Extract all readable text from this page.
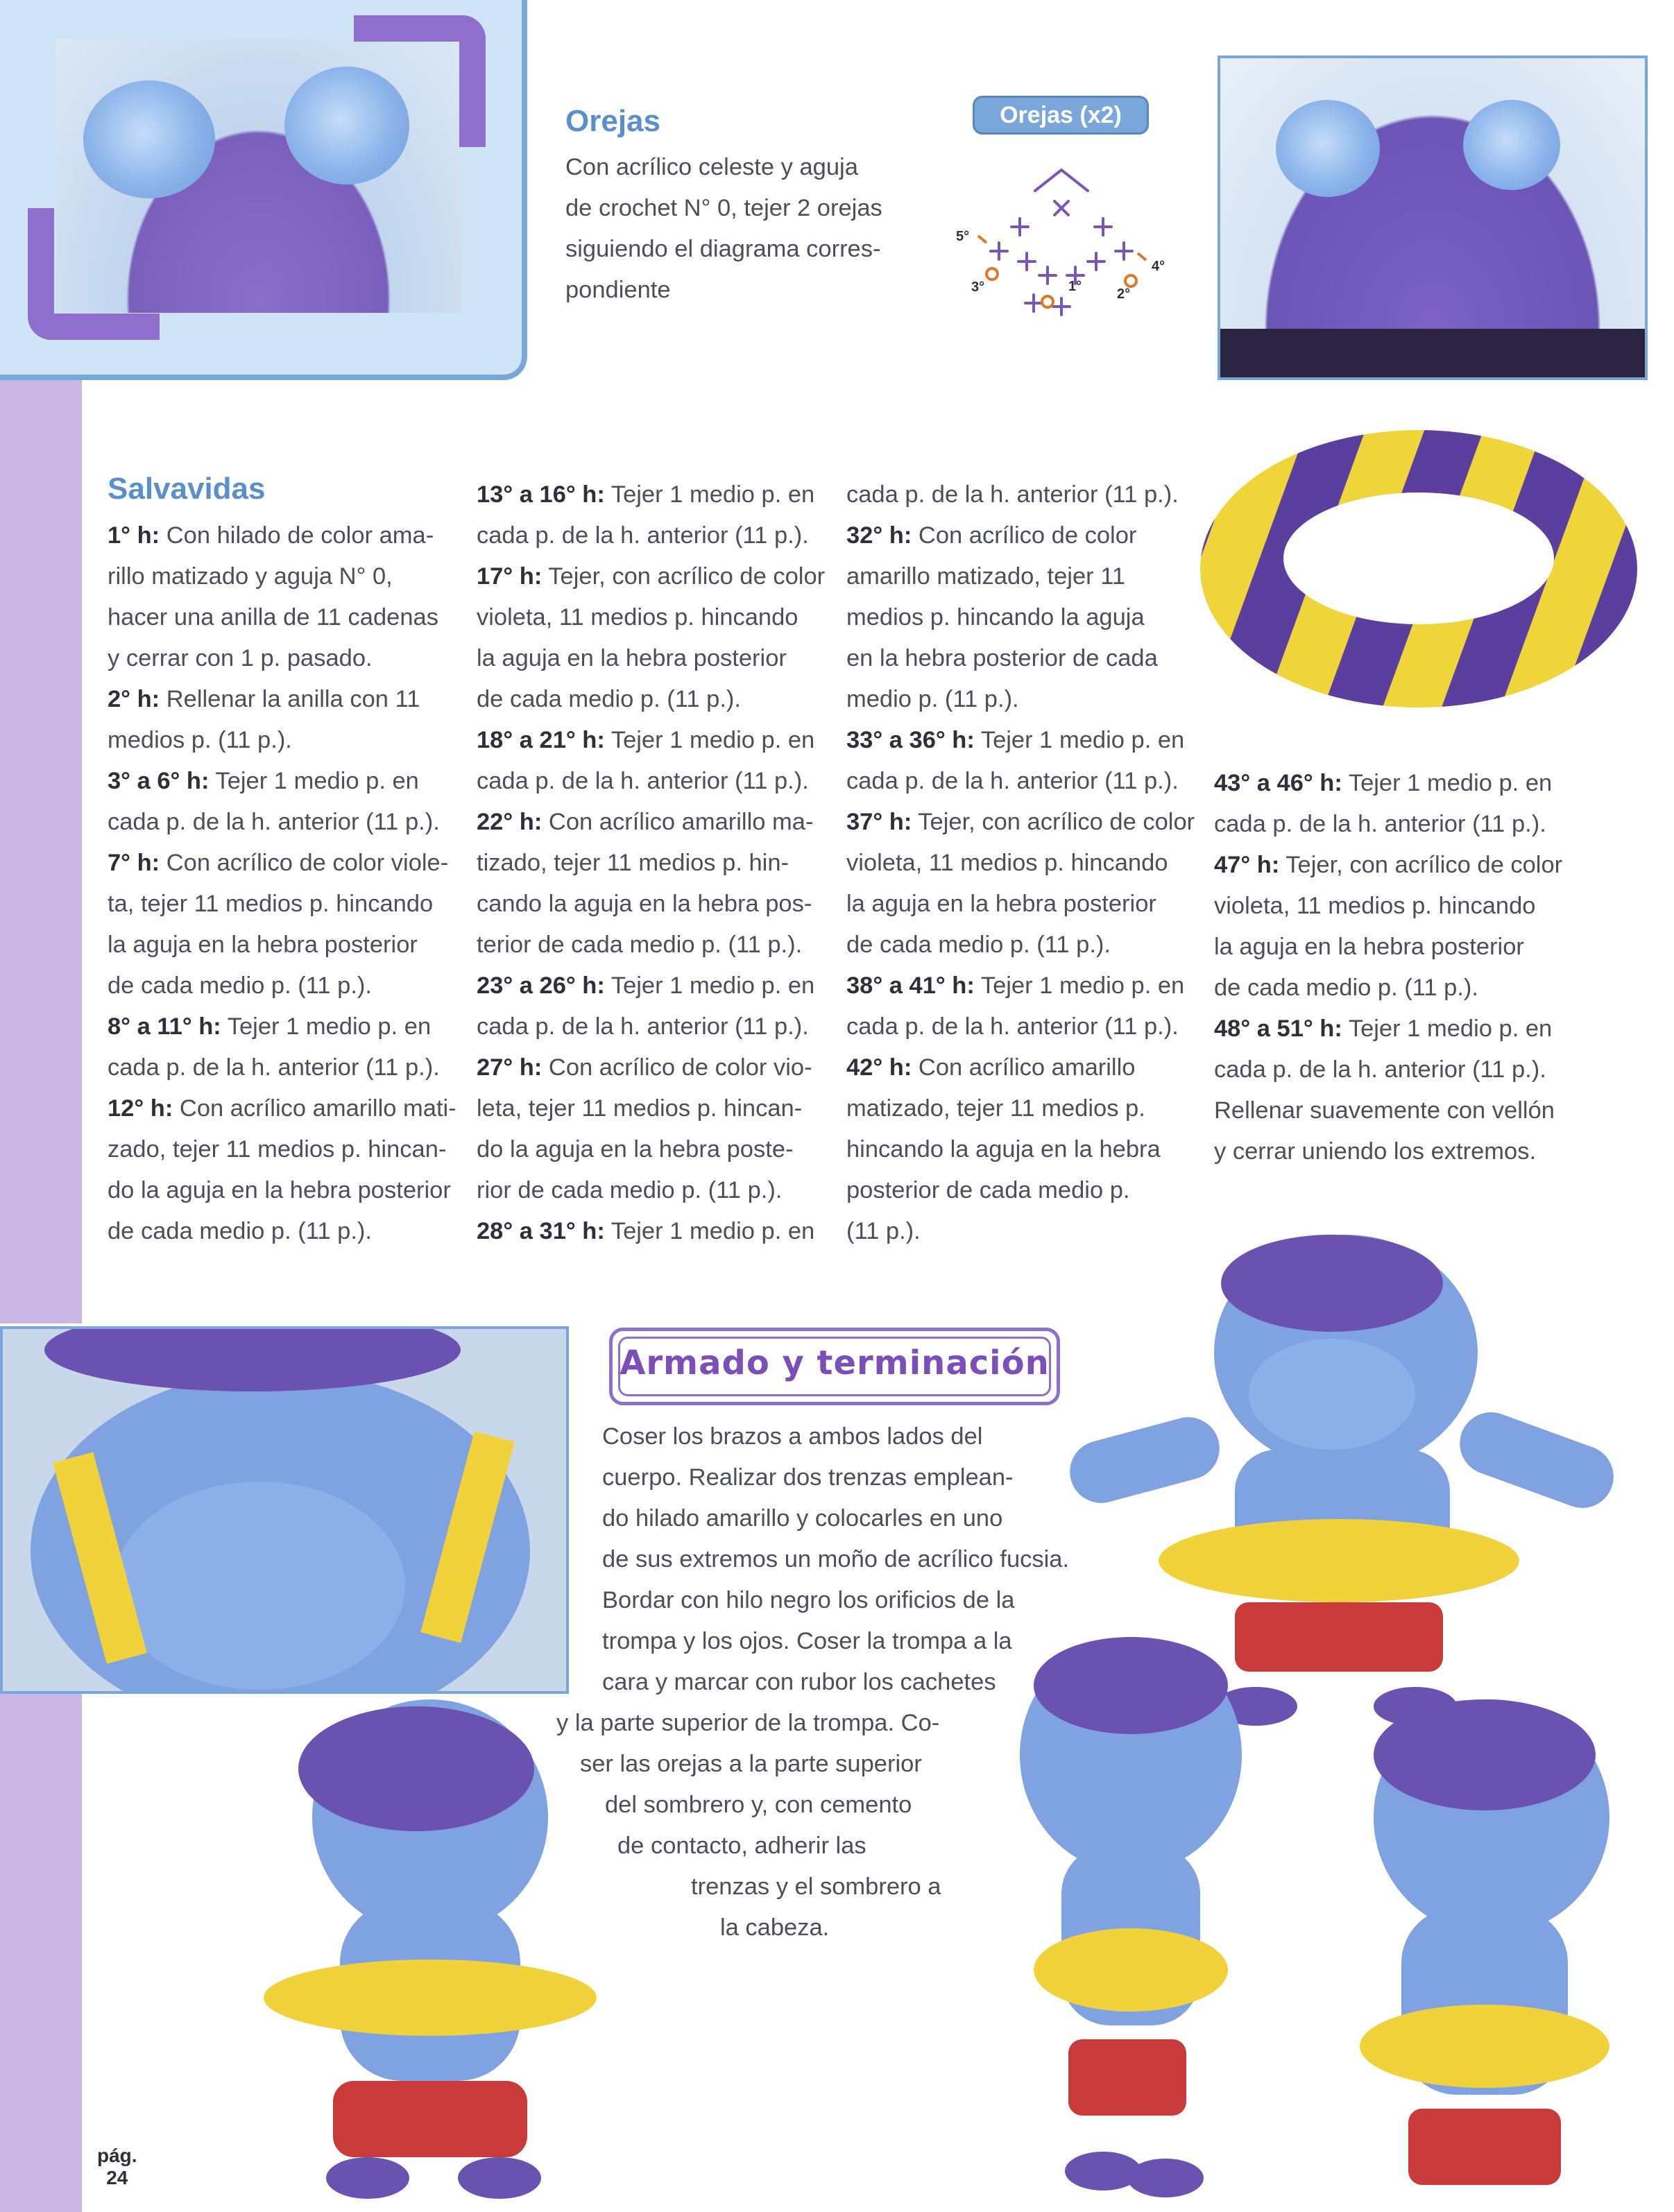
Orejas
Con acrílico celeste y aguja
de crochet N° 0, tejer 2 orejas
siguiendo el diagrama corres-
pondiente
Orejas (x2)
5°
4°
3°	2°
1°
Salvavidas
1° h: Con hilado de color ama-
rillo matizado y aguja N° 0,
hacer una anilla de 11 cadenas
y cerrar con 1 p. pasado.
2° h: Rellenar la anilla con 11
medios p. (11 p.).
3° a 6° h: Tejer 1 medio p. en
cada p. de la h. anterior (11 p.).
7° h: Con acrílico de color viole-
ta, tejer 11 medios p. hincando
la aguja en la hebra posterior
de cada medio p. (11 p.).
8° a 11° h: Tejer 1 medio p. en
cada p. de la h. anterior (11 p.).
12° h: Con acrílico amarillo mati-
zado, tejer 11 medios p. hincan-
do la aguja en la hebra posterior
de cada medio p. (11 p.).
13° a 16° h: Tejer 1 medio p. en
cada p. de la h. anterior (11 p.).
17° h: Tejer, con acrílico de color
violeta, 11 medios p. hincando
la aguja en la hebra posterior
de cada medio p. (11 p.).
18° a 21° h: Tejer 1 medio p. en
cada p. de la h. anterior (11 p.).
22° h: Con acrílico amarillo ma-
tizado, tejer 11 medios p. hin-
cando la aguja en la hebra pos-
terior de cada medio p. (11 p.).
23° a 26° h: Tejer 1 medio p. en
cada p. de la h. anterior (11 p.).
27° h: Con acrílico de color vio-
leta, tejer 11 medios p. hincan-
do la aguja en la hebra poste-
rior de cada medio p. (11 p.).
28° a 31° h: Tejer 1 medio p. en
cada p. de la h. anterior (11 p.).
32° h: Con acrílico de color
amarillo matizado, tejer 11
medios p. hincando la aguja
en la hebra posterior de cada
medio p. (11 p.).
33° a 36° h: Tejer 1 medio p. en
cada p. de la h. anterior (11 p.).
37° h: Tejer, con acrílico de color
violeta, 11 medios p. hincando
la aguja en la hebra posterior
de cada medio p. (11 p.).
38° a 41° h: Tejer 1 medio p. en
cada p. de la h. anterior (11 p.).
42° h: Con acrílico amarillo
matizado, tejer 11 medios p.
hincando la aguja en la hebra
posterior de cada medio p.
(11 p.).
43° a 46° h: Tejer 1 medio p. en
cada p. de la h. anterior (11 p.).
47° h: Tejer, con acrílico de color
violeta, 11 medios p. hincando
la aguja en la hebra posterior
de cada medio p. (11 p.).
48° a 51° h: Tejer 1 medio p. en
cada p. de la h. anterior (11 p.).
Rellenar suavemente con vellón
y cerrar uniendo los extremos.
Armado y terminación
Coser los brazos a ambos lados del
cuerpo. Realizar dos trenzas emplean-
do hilado amarillo y colocarles en uno
de sus extremos un moño de acrílico fucsia.
Bordar con hilo negro los orificios de la
trompa y los ojos. Coser la trompa a la
cara y marcar con rubor los cachetes
y la parte superior de la trompa. Co-
ser las orejas a la parte superior
del sombrero y, con cemento
de contacto, adherir las
trenzas y el sombrero a
la cabeza.
pág.
24
